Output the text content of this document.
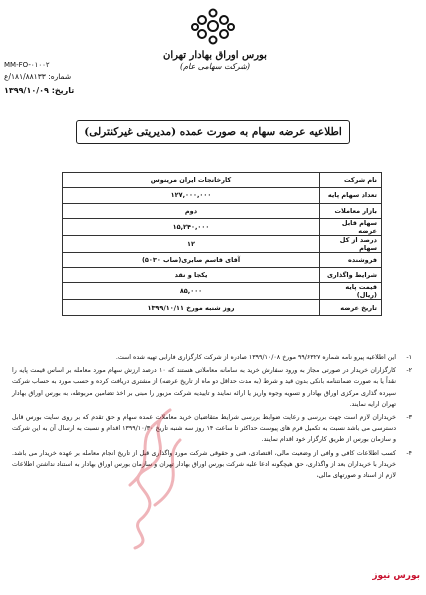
بورس اوراق بهادار تهران
(شرکت سهامی عام)
MM-FO-۰۱۰۰۲
شماره: ۱۸۱/۸۸۱۳۳/ع
تاریخ: ۱۳۹۹/۱۰/۰۹
اطلاعیه عرضه سهام به صورت عمده (مدیریتی غیرکنترلی)
نام شرکت	کارخانجات ایران مرینوس
تعداد سهام پایه	۱۲۷,۰۰۰,۰۰۰
بازار معاملات	دوم
سهام قابل عرضه	۱۵,۲۴۰,۰۰۰
درصد از کل سهام	۱۲
فروشنده	آقای قاسم صابری(صاب ۵۰۳۰)
شرایط واگذاری	یکجا و نقد
قیمت پایه (ریال)	۸۵,۰۰۰
تاریخ عرضه	روز شنبه مورخ ۱۳۹۹/۱۰/۱۱
۱-
این اطلاعیه پیرو نامه شماره ۹۹/۶۳۲۷ مورخ ۱۳۹۹/۱۰/۰۸ صادره از شرکت کارگزاری فارابی تهیه شده است.
۲-
کارگزاران خریدار در صورتی مجاز به ورود سفارش خرید به سامانه معاملاتی هستند که ۱۰ درصد ارزش سهام مورد معامله بر اساس قیمت پایه را نقداً یا به صورت ضمانتنامه بانکی بدون قید و شرط (به مدت حداقل دو ماه از تاریخ عرضه) از مشتری دریافت کرده و حسب مورد به حساب شرکت سپرده گذاری مرکزی اوراق بهادار و تسویه وجوه واریز یا ارائه نمایند و تاییدیه شرکت مزبور را مبنی بر اخذ تضامین مربوطه، به بورس اوراق بهادار تهران ارایه نمایند.
۳-
خریداران لازم است جهت بررسی و رعایت ضوابط بررسی شرایط متقاضیان خرید معاملات عمده سهام و حق تقدم که بر روی سایت بورس قابل دسترسی می باشد نسبت به تکمیل فرم های پیوست حداکثر تا ساعت ۱۴ روز سه شنبه تاریخ ۱۳۹۹/۱۰/۳۰ اقدام و نسبت به ارسال آن به این شرکت و سازمان بورس از طریق کارگزار خود اقدام نمایند.
۴-
کسب اطلاعات کافی و وافی از وضعیت مالی، اقتصادی، فنی و حقوقی شرکت مورد واگذاری قبل از تاریخ انجام معامله بر عهده خریدار می باشد. خریدار با خریداران بعد از واگذاری، حق هیچگونه ادعا علیه شرکت بورس اوراق بهادار تهران و سازمان بورس اوراق بهادار به استناد نداشتن اطلاعات لازم از اسناد و صورتهای مالی،
بورس نیوز
